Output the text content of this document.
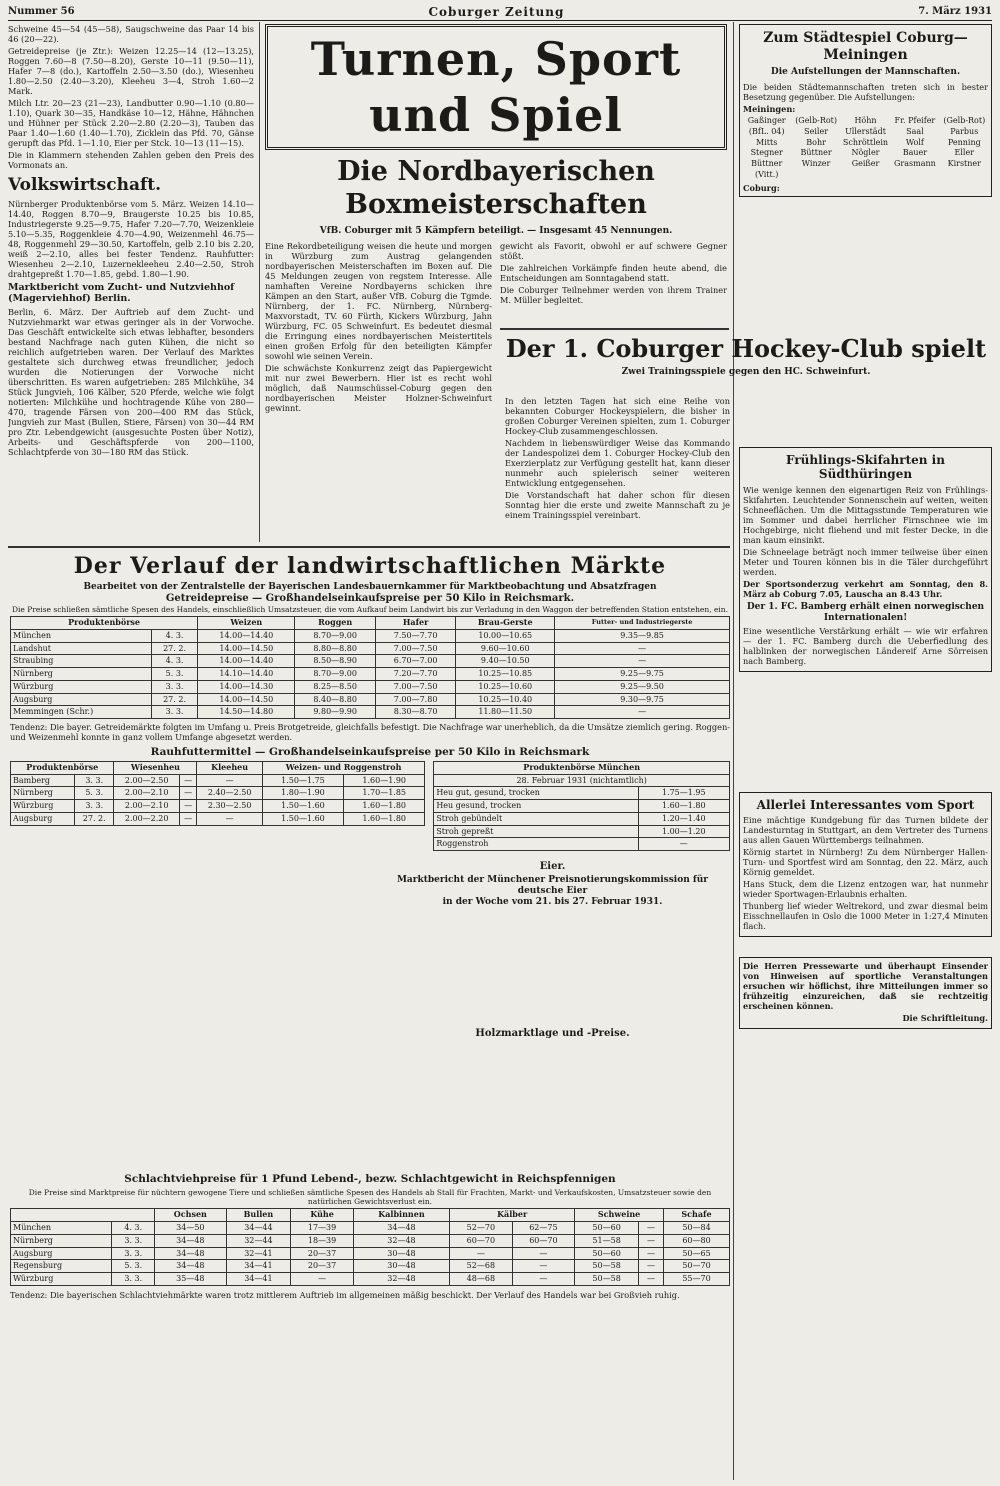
Nummer 56	Coburger Zeitung	7. März 1931

Schweine 45—54 (45—58), Saugschweine das Paar 14 bis 46 (20—22).

Getreidepreise (je Ztr.): Weizen 12.25—14 (12—13.25), Roggen 7.60—8 (7.50—8.20), Gerste 10—11 (9.50—11), Hafer 7—8 (do.), Kartoffeln 2.50—3.50 (do.), Wiesenheu 1.80—2.50 (2.40—3.20), Kleeheu 3—4, Stroh 1.60—2 Mark.

Milch Ltr. 20—23 (21—23), Landbutter 0.90—1.10 (0.80—1.10), Quark 30—35, Handkäse 10—12, Hähne, Hähnchen und Hühner per Stück 2.20—2.80 (2.20—3), Tauben das Paar 1.40—1.60 (1.40—1.70), Zicklein das Pfd. 70, Gänse gerupft das Pfd. 1—1.10, Eier per Stck. 10—13 (11—15).

Die in Klammern stehenden Zahlen geben den Preis des Vormonats an.

Volkswirtschaft.

Nürnberger Produktenbörse vom 5. März. Weizen 14.10—14.40, Roggen 8.70—9, Braugerste 10.25 bis 10.85, Industriegerste 9.25—9.75, Hafer 7.20—7.70, Weizenkleie 5.10—5.35, Roggenkleie 4.70—4.90, Weizenmehl 46.75—48, Roggenmehl 29—30.50, Kartoffeln, gelb 2.10 bis 2.20, weiß 2—2.10, alles bei fester Tendenz. Rauhfutter: Wiesenheu 2—2.10, Luzernekleeheu 2.40—2.50, Stroh drahtgepreßt 1.70—1.85, gebd. 1.80—1.90.

Marktbericht vom Zucht- und Nutzviehhof (Magerviehhof) Berlin.

Berlin, 6. März. Der Auftrieb auf dem Zucht- und Nutzviehmarkt war etwas geringer als in der Vorwoche. Das Geschäft entwickelte sich etwas lebhafter, besonders bestand Nachfrage nach guten Kühen, die nicht so reichlich aufgetrieben waren. Der Verlauf des Marktes gestaltete sich durchweg etwas freundlicher, jedoch wurden die Notierungen der Vorwoche nicht überschritten. Es waren aufgetrieben: 285 Milchkühe, 34 Stück Jungvieh, 106 Kälber, 520 Pferde, welche wie folgt notierten: Milchkühe und hochtragende Kühe von 280—470, tragende Färsen von 200—400 RM das Stück, Jungvieh zur Mast (Bullen, Stiere, Färsen) von 30—44 RM pro Ztr. Lebendgewicht (ausgesuchte Posten über Notiz), Arbeits- und Geschäftspferde von 200—1100, Schlachtpferde von 30—180 RM das Stück.

Turnen, Sport und Spiel
Die Nordbayerischen Boxmeisterschaften
VfB. Coburger mit 5 Kämpfern beteiligt. — Insgesamt 45 Nennungen.

Eine Rekordbeteiligung weisen die heute und morgen in Würzburg zum Austrag gelangenden nordbayerischen Meisterschaften im Boxen auf. Die 45 Meldungen zeugen von regstem Interesse. Alle namhaften Vereine Nordbayerns schicken ihre Kämpen an den Start, außer VfB. Coburg die Tgmde. Nürnberg, der 1. FC. Nürnberg, Nürnberg-Maxvorstadt, TV. 60 Fürth, Kickers Würzburg, Jahn Würzburg, FC. 05 Schweinfurt. Es bedeutet diesmal die Erringung eines nordbayerischen Meistertitels einen großen Erfolg für den beteiligten Kämpfer sowohl wie seinen Verein.

Die schwächste Konkurrenz zeigt das Papiergewicht mit nur zwei Bewerbern. Hier ist es recht wohl möglich, daß Naumschüssel-Coburg gegen den nordbayerischen Meister Holzner-Schweinfurt gewinnt.

gewicht als Favorit, obwohl er auf schwere Gegner stößt.

Die zahlreichen Vorkämpfe finden heute abend, die Entscheidungen am Sonntagabend statt.

Die Coburger Teilnehmer werden von ihrem Trainer M. Müller begleitet.

Der 1. Coburger Hockey-Club spielt
Zwei Trainingsspiele gegen den HC. Schweinfurt.

In den letzten Tagen hat sich eine Reihe von bekannten Coburger Hockeyspielern, die bisher in großen Coburger Vereinen spielten, zum 1. Coburger Hockey-Club zusammengeschlossen.

Nachdem in liebenswürdiger Weise das Kommando der Landespolizei dem 1. Coburger Hockey-Club den Exerzierplatz zur Verfügung gestellt hat, kann dieser nunmehr auch spielerisch seiner weiteren Entwicklung entgegensehen.

Die Vorstandschaft hat daher schon für diesen Sonntag hier die erste und zweite Mannschaft zu je einem Trainingsspiel vereinbart.

Zum Städtespiel Coburg—Meiningen
Die Aufstellungen der Mannschaften.

Die beiden Städtemannschaften treten sich in bester Besetzung gegenüber. Die Aufstellungen:

Meiningen:
Gaßinger	(Gelb-Rot)	Höhn	Fr. Pfeifer	(Gelb-Rot)
(BfL. 04)	Seiler	Ullerstädt	Saal	Parbus
Mitts	Bohr	Schröttlein	Wolf	Penning
Stegner	Büttner	Nögler	Bauer	Eller
Büttner	Winzer	Geißer	Grasmann	Kirstner
(Vitt.)
Coburg:
Frühlings-Skifahrten in Südthüringen

Wie wenige kennen den eigenartigen Reiz von Frühlings-Skifahrten. Leuchtender Sonnenschein auf weiten, weiten Schneeflächen. Um die Mittagsstunde Temperaturen wie im Sommer und dabei herrlicher Firnschnee wie im Hochgebirge, nicht fliehend und mit fester Decke, in die man kaum einsinkt.

Die Schneelage beträgt noch immer teilweise über einen Meter und Touren können bis in die Täler durchgeführt werden.

Der Sportsonderzug verkehrt am Sonntag, den 8. März ab Coburg 7.05, Lauscha an 8.43 Uhr.

Der 1. FC. Bamberg erhält einen norwegischen Internationalen!

Eine wesentliche Verstärkung erhält — wie wir erfahren — der 1. FC. Bamberg durch die Ueberfiedlung des halblinken der norwegischen Ländereif Arne Sörreisen nach Bamberg.

Allerlei Interessantes vom Sport

Eine mächtige Kundgebung für das Turnen bildete der Landesturntag in Stuttgart, an dem Vertreter des Turnens aus allen Gauen Württembergs teilnahmen.

Körnig startet in Nürnberg! Zu dem Nürnberger Hallen-Turn- und Sportfest wird am Sonntag, den 22. März, auch Körnig gemeldet.

Hans Stuck, dem die Lizenz entzogen war, hat nunmehr wieder Sportwagen-Erlaubnis erhalten.

Thunberg lief wieder Weltrekord, und zwar diesmal beim Eisschnellaufen in Oslo die 1000 Meter in 1:27,4 Minuten flach.

Die Herren Pressewarte und überhaupt Einsender von Hinweisen auf sportliche Veranstaltungen ersuchen wir höflichst, ihre Mitteilungen immer so frühzeitig einzureichen, daß sie rechtzeitig erscheinen können.

Die Schriftleitung.

Der Verlauf der landwirtschaftlichen Märkte
Bearbeitet von der Zentralstelle der Bayerischen Landesbauernkammer für Marktbeobachtung und Absatzfragen
Getreidepreise — Großhandelseinkaufspreise per 50 Kilo in Reichsmark.
Die Preise schließen sämtliche Spesen des Handels, einschließlich Umsatzsteuer, die vom Aufkauf beim Landwirt bis zur Verladung in den Waggon der betreffenden Station entstehen, ein.
Produktenbörse		Weizen	Roggen	Hafer	Brau-Gerste	Futter- und Industriegerste
München	4. 3.	14.00—14.40	8.70—9.00	7.50—7.70	10.00—10.65	9.35—9.85
Landshut	27. 2.	14.00—14.50	8.80—8.80	7.00—7.50	9.60—10.60	—
Straubing	4. 3.	14.00—14.40	8.50—8.90	6.70—7.00	9.40—10.50	—
Nürnberg	5. 3.	14.10—14.40	8.70—9.00	7.20—7.70	10.25—10.85	9.25—9.75
Würzburg	3. 3.	14.00—14.30	8.25—8.50	7.00—7.50	10.25—10.60	9.25—9.50
Augsburg	27. 2.	14.00—14.50	8.40—8.80	7.00—7.80	10.25—10.40	9.30—9.75
Memmingen (Schr.)	3. 3.	14.50—14.80	9.80—9.90	8.30—8.70	11.80—11.50	—

Tendenz: Die bayer. Getreidemärkte folgten im Umfang u. Preis Brotgetreide, gleichfalls befestigt. Die Nachfrage war unerheblich, da die Umsätze ziemlich gering. Roggen- und Weizenmehl konnte in ganz vollem Umfange abgesetzt werden.

Rauhfuttermittel — Großhandelseinkaufspreise per 50 Kilo in Reichsmark
Produktenbörse		Wiesenheu		Kleeheu	Weizen- und Roggenstroh	
Bamberg	3. 3.	2.00—2.50	—	—	1.50—1.75	1.60—1.90
Nürnberg	5. 3.	2.00—2.10	—	2.40—2.50	1.80—1.90	1.70—1.85
Würzburg	3. 3.	2.00—2.10	—	2.30—2.50	1.50—1.60	1.60—1.80
Augsburg	27. 2.	2.00—2.20	—	—	1.50—1.60	1.60—1.80
Produktenbörse München	
28. Februar 1931 (nichtamtlich)	
Heu gut, gesund, trocken	1.75—1.95
Heu gesund, trocken	1.60—1.80
Stroh gebündelt	1.20—1.40
Stroh gepreßt	1.00—1.20
Roggenstroh	—
Eier.
Marktbericht der Münchener Preisnotierungskommission für deutsche Eier
in der Woche vom 21. bis 27. Februar 1931.
Holzmarktlage und -Preise.
Schlachtviehpreise für 1 Pfund Lebend-, bezw. Schlachtgewicht in Reichspfennigen
Die Preise sind Marktpreise für nüchtern gewogene Tiere und schließen sämtliche Spesen des Handels ab Stall für Frachten, Markt- und Verkaufskosten, Umsatzsteuer sowie den natürlichen Gewichtsverlust ein.
		Ochsen	Bullen	Kühe	Kalbinnen	Kälber		Schweine		Schafe
München	4. 3.	34—50	34—44	17—39	34—48	52—70	62—75	50—60	—	50—84
Nürnberg	3. 3.	34—48	32—44	18—39	32—48	60—70	60—70	51—58	—	60—80
Augsburg	3. 3.	34—48	32—41	20—37	30—48	—	—	50—60	—	50—65
Regensburg	5. 3.	34—48	34—41	20—37	30—48	52—68	—	50—58	—	50—70
Würzburg	3. 3.	35—48	34—41	—	32—48	48—68	—	50—58	—	55—70

Tendenz: Die bayerischen Schlachtviehmärkte waren trotz mittlerem Auftrieb im allgemeinen mäßig beschickt. Der Verlauf des Handels war bei Großvieh ruhig.
